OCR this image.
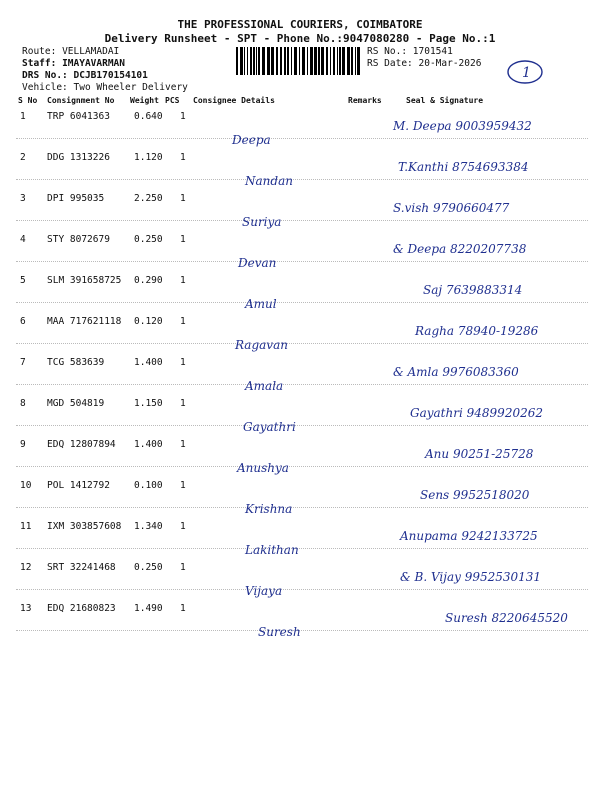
THE PROFESSIONAL COURIERS, COIMBATORE
Delivery Runsheet - SPT - Phone No.:9047080280 - Page No.:1
Route: VELLAMADAI
Staff: IMAYAVARMAN
DRS No.: DCJB170154101
Vehicle: Two Wheeler Delivery
RS No.: 1701541
RS Date: 20-Mar-2026
1
S No Consignment No Weight PCS Consignee Details	Remarks	Seal & Signature
1 TRP 6041363	0.640 1
Deepa
M. Deepa 9003959432
2 DDG 1313226	1.120 1
Nandan
T.Kanthi 8754693384
3 DPI 995035	2.250 1
Suriya
S.vish 9790660477
4 STY 8072679	0.250 1
Devan
& Deepa 8220207738
5 SLM 391658725 0.290 1
Amul
Saj 7639883314
6 MAA 717621118 0.120 1
Ragavan
Ragha 78940-19286
7 TCG 583639	1.400 1
Amala
& Amla 9976083360
8 MGD 504819	1.150 1
Gayathri
Gayathri 9489920262
9 EDQ 12807894 1.400 1
Anushya
Anu 90251-25728
10 POL 1412792	0.100 1
Krishna
Sens 9952518020
11 IXM 303857608 1.340 1
Lakithan
Anupama 9242133725
12 SRT 32241468 0.250 1
Vijaya
& B. Vijay 9952530131
13 EDQ 21680823 1.490 1
Suresh
Suresh 8220645520
